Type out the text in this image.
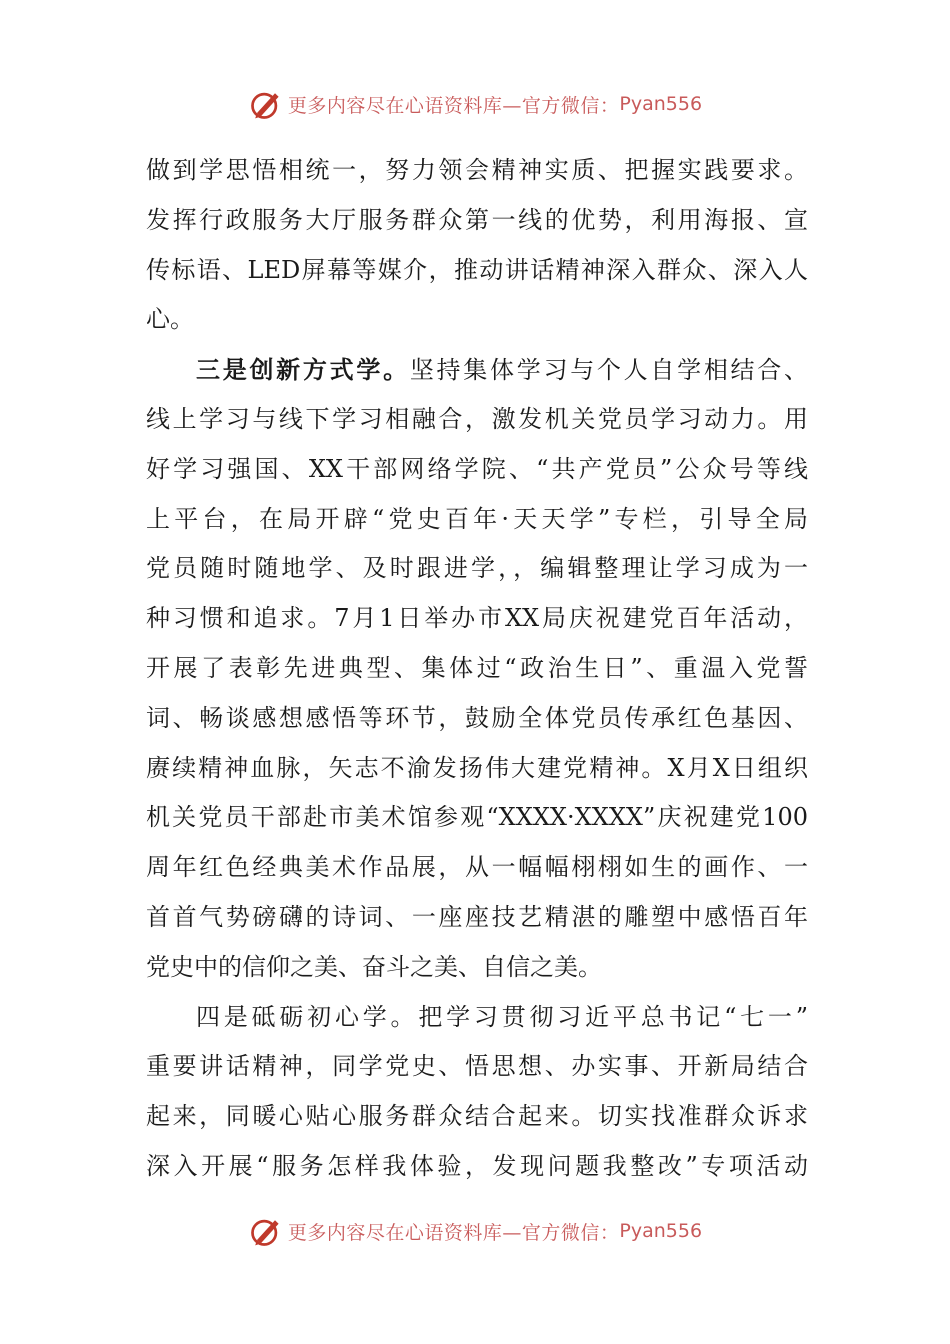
更多内容尽在心语资料库—官方微信： Pyan556
做到学思悟相统一，努力领会精神实质、把握实践要求。
发挥行政服务大厅服务群众第一线的优势，利用海报、宣
传标语、LED屏幕等媒介，推动讲话精神深入群众、深入人
心。
三是创新方式学。坚持集体学习与个人自学相结合、
线上学习与线下学习相融合，激发机关党员学习动力。用
好学习强国、XX干部网络学院、“共产党员”公众号等线
上平台，在局开辟“党史百年·天天学”专栏，引导全局
党员随时随地学、及时跟进学，，编辑整理让学习成为一
种习惯和追求。7月1日举办市XX局庆祝建党百年活动，
开展了表彰先进典型、集体过“政治生日”、重温入党誓
词、畅谈感想感悟等环节，鼓励全体党员传承红色基因、
赓续精神血脉，矢志不渝发扬伟大建党精神。X月X日组织
机关党员干部赴市美术馆参观“XXXX·XXXX”庆祝建党100
周年红色经典美术作品展，从一幅幅栩栩如生的画作、一
首首气势磅礴的诗词、一座座技艺精湛的雕塑中感悟百年
党史中的信仰之美、奋斗之美、自信之美。
四是砥砺初心学。把学习贯彻习近平总书记“七一”
重要讲话精神，同学党史、悟思想、办实事、开新局结合
起来，同暖心贴心服务群众结合起来。切实找准群众诉求
深入开展“服务怎样我体验，发现问题我整改”专项活动
更多内容尽在心语资料库—官方微信： Pyan556
